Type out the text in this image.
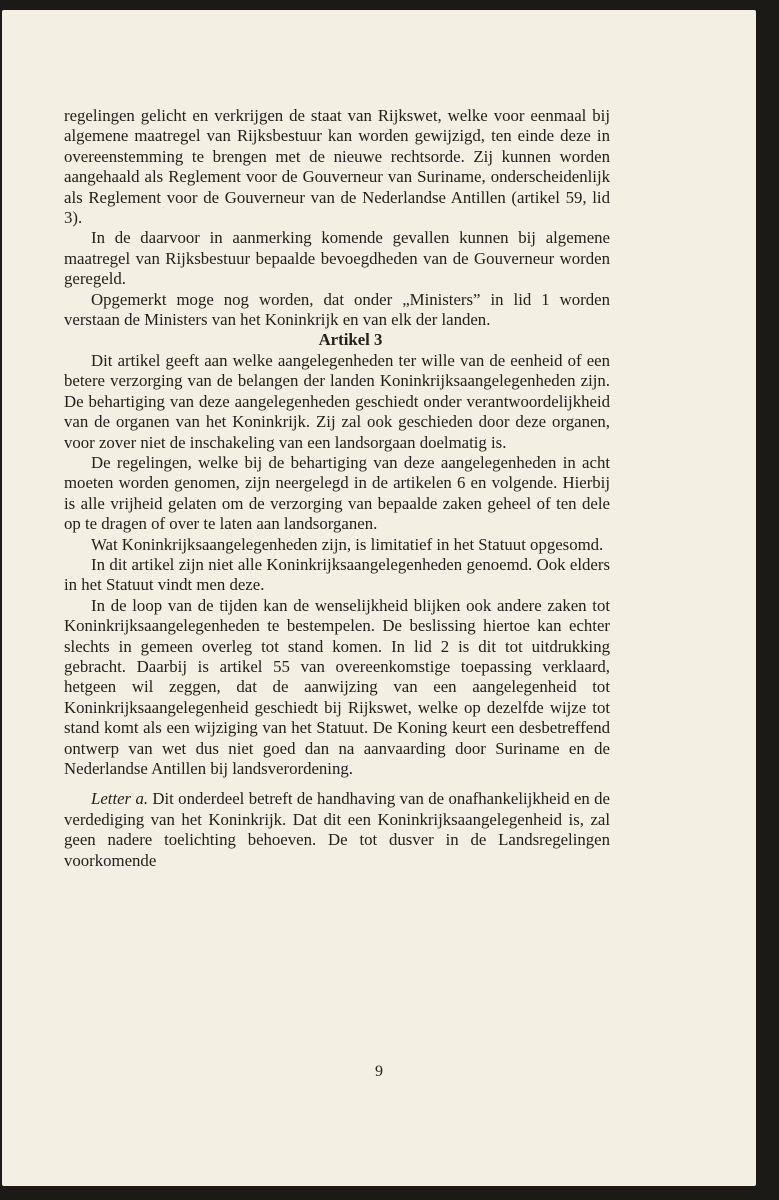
regelingen gelicht en verkrijgen de staat van Rijkswet, welke voor eenmaal bij algemene maatregel van Rijksbestuur kan worden gewijzigd, ten einde deze in overeenstemming te brengen met de nieuwe rechtsorde. Zij kunnen worden aangehaald als Reglement voor de Gouverneur van Suriname, onderscheidenlijk als Reglement voor de Gouverneur van de Nederlandse Antillen (artikel 59, lid 3).

In de daarvoor in aanmerking komende gevallen kunnen bij algemene maatregel van Rijksbestuur bepaalde bevoegdheden van de Gouverneur worden geregeld.

Opgemerkt moge nog worden, dat onder „Ministers” in lid 1 worden verstaan de Ministers van het Koninkrijk en van elk der landen.

Artikel 3

Dit artikel geeft aan welke aangelegenheden ter wille van de eenheid of een betere verzorging van de belangen der landen Koninkrijksaangelegenheden zijn. De behartiging van deze aangelegenheden geschiedt onder verantwoordelijkheid van de organen van het Koninkrijk. Zij zal ook geschieden door deze organen, voor zover niet de inschakeling van een landsorgaan doelmatig is.

De regelingen, welke bij de behartiging van deze aangelegenheden in acht moeten worden genomen, zijn neergelegd in de artikelen 6 en volgende. Hierbij is alle vrijheid gelaten om de verzorging van bepaalde zaken geheel of ten dele op te dragen of over te laten aan landsorganen.

Wat Koninkrijksaangelegenheden zijn, is limitatief in het Statuut opgesomd.

In dit artikel zijn niet alle Koninkrijksaangelegenheden genoemd. Ook elders in het Statuut vindt men deze.

In de loop van de tijden kan de wenselijkheid blijken ook andere zaken tot Koninkrijksaangelegenheden te bestempelen. De beslissing hiertoe kan echter slechts in gemeen overleg tot stand komen. In lid 2 is dit tot uitdrukking gebracht. Daarbij is artikel 55 van overeenkomstige toepassing verklaard, hetgeen wil zeggen, dat de aanwijzing van een aangelegenheid tot Koninkrijksaangelegenheid geschiedt bij Rijkswet, welke op dezelfde wijze tot stand komt als een wijziging van het Statuut. De Koning keurt een desbetreffend ontwerp van wet dus niet goed dan na aanvaarding door Suriname en de Nederlandse Antillen bij landsverordening.

Letter a. Dit onderdeel betreft de handhaving van de onafhankelijkheid en de verdediging van het Koninkrijk. Dat dit een Koninkrijksaangelegenheid is, zal geen nadere toelichting behoeven. De tot dusver in de Landsregelingen voorkomende

9
